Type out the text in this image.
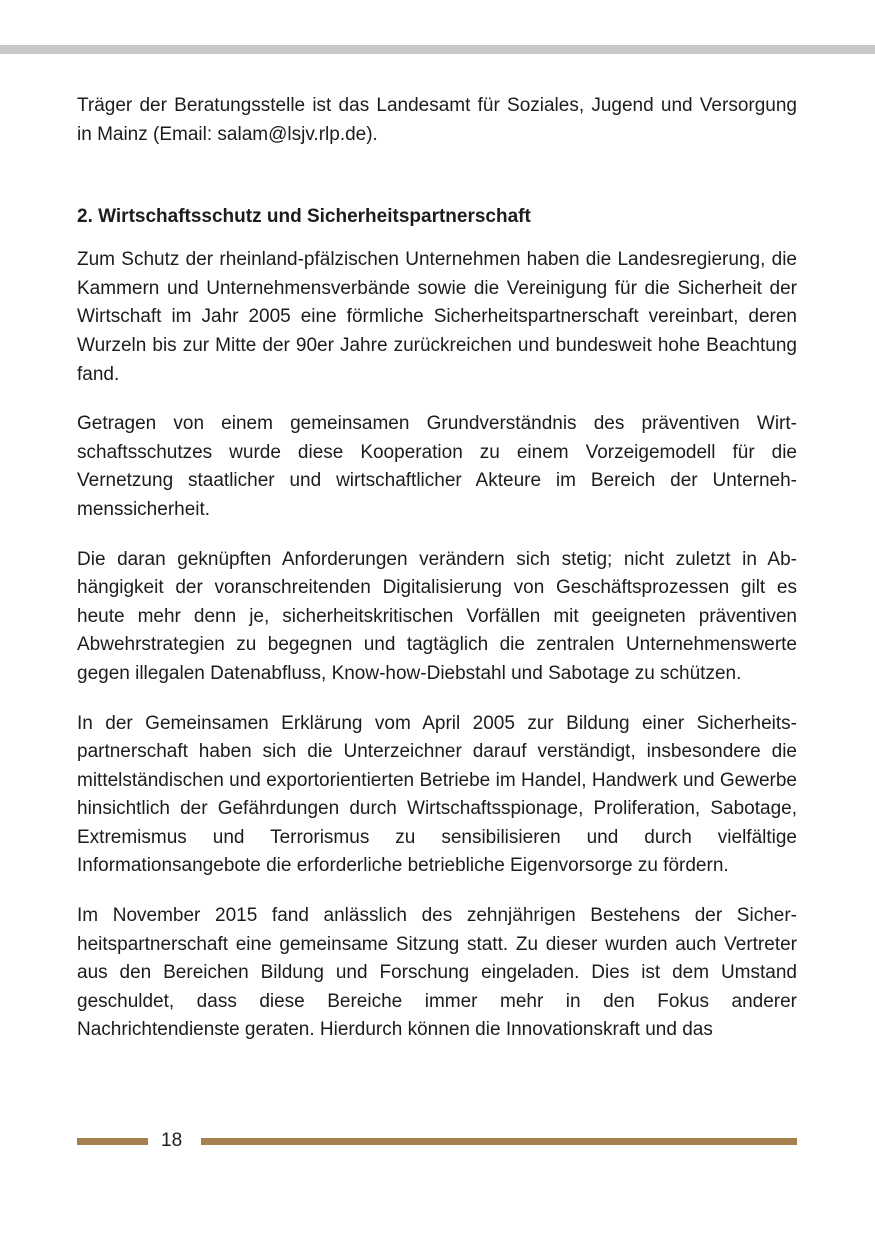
Träger der Beratungsstelle ist das Landesamt für Soziales, Jugend und Versorgung in Mainz (Email: salam@lsjv.rlp.de).

2. Wirtschaftsschutz und Sicherheitspartnerschaft

Zum Schutz der rheinland-pfälzischen Unternehmen haben die Landesregierung, die Kammern und Unternehmensverbände sowie die Vereinigung für die Sicherheit der Wirtschaft im Jahr 2005 eine förmliche Sicherheitspartnerschaft vereinbart, deren Wurzeln bis zur Mitte der 90er Jahre zurückreichen und bundesweit hohe Beachtung fand.

Getragen von einem gemeinsamen Grundverständnis des präventiven Wirtschaftsschutzes wurde diese Kooperation zu einem Vorzeigemodell für die Vernetzung staatlicher und wirtschaftlicher Akteure im Bereich der Unternehmenssicherheit.

Die daran geknüpften Anforderungen verändern sich stetig; nicht zuletzt in Abhängigkeit der voranschreitenden Digitalisierung von Geschäftsprozessen gilt es heute mehr denn je, sicherheitskritischen Vorfällen mit geeigneten präventiven Abwehrstrategien zu begegnen und tagtäglich die zentralen Unternehmenswerte gegen illegalen Datenabfluss, Know-how-Diebstahl und Sabotage zu schützen.

In der Gemeinsamen Erklärung vom April 2005 zur Bildung einer Sicherheitspartnerschaft haben sich die Unterzeichner darauf verständigt, insbesondere die mittelständischen und exportorientierten Betriebe im Handel, Handwerk und Gewerbe hinsichtlich der Gefährdungen durch Wirtschaftsspionage, Proliferation, Sabotage, Extremismus und Terrorismus zu sensibilisieren und durch vielfältige Informationsangebote die erforderliche betriebliche Eigenvorsorge zu fördern.

Im November 2015 fand anlässlich des zehnjährigen Bestehens der Sicherheitspartnerschaft eine gemeinsame Sitzung statt. Zu dieser wurden auch Vertreter aus den Bereichen Bildung und Forschung eingeladen. Dies ist dem Umstand geschuldet, dass diese Bereiche immer mehr in den Fokus anderer Nachrichtendienste geraten. Hierdurch können die Innovationskraft und das

18
